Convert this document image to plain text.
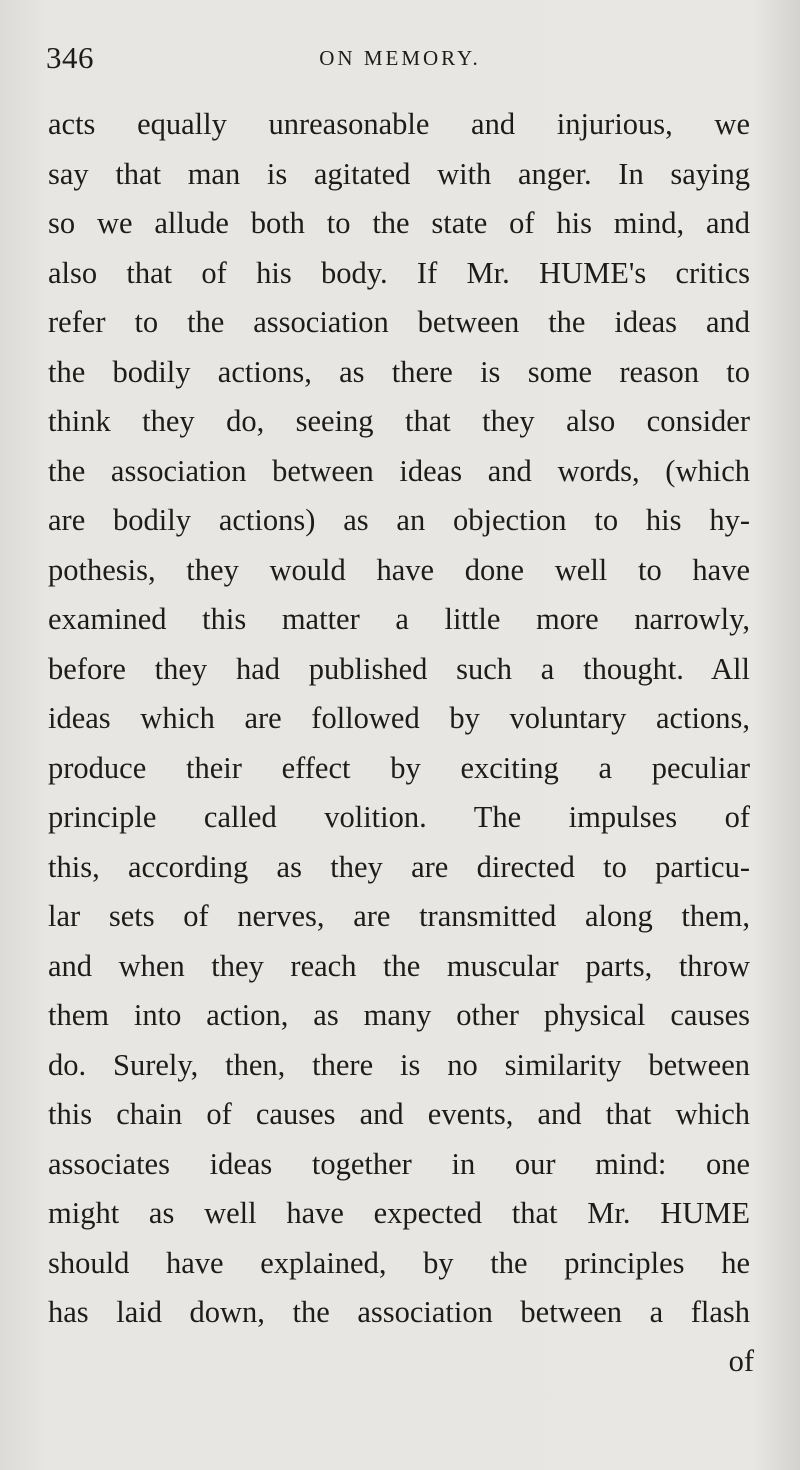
346	ON MEMORY.
acts equally unreasonable and injurious, we
say that man is agitated with anger. In saying
so we allude both to the state of his mind, and
also that of his body. If Mr. HUME's critics
refer to the association between the ideas and
the bodily actions, as there is some reason to
think they do, seeing that they also consider
the association between ideas and words, (which
are bodily actions) as an objection to his hy-
pothesis, they would have done well to have
examined this matter a little more narrowly,
before they had published such a thought. All
ideas which are followed by voluntary actions,
produce their effect by exciting a peculiar
principle called volition. The impulses of
this, according as they are directed to particu-
lar sets of nerves, are transmitted along them,
and when they reach the muscular parts, throw
them into action, as many other physical causes
do. Surely, then, there is no similarity between
this chain of causes and events, and that which
associates ideas together in our mind: one
might as well have expected that Mr. HUME
should have explained, by the principles he
has laid down, the association between a flash
of
